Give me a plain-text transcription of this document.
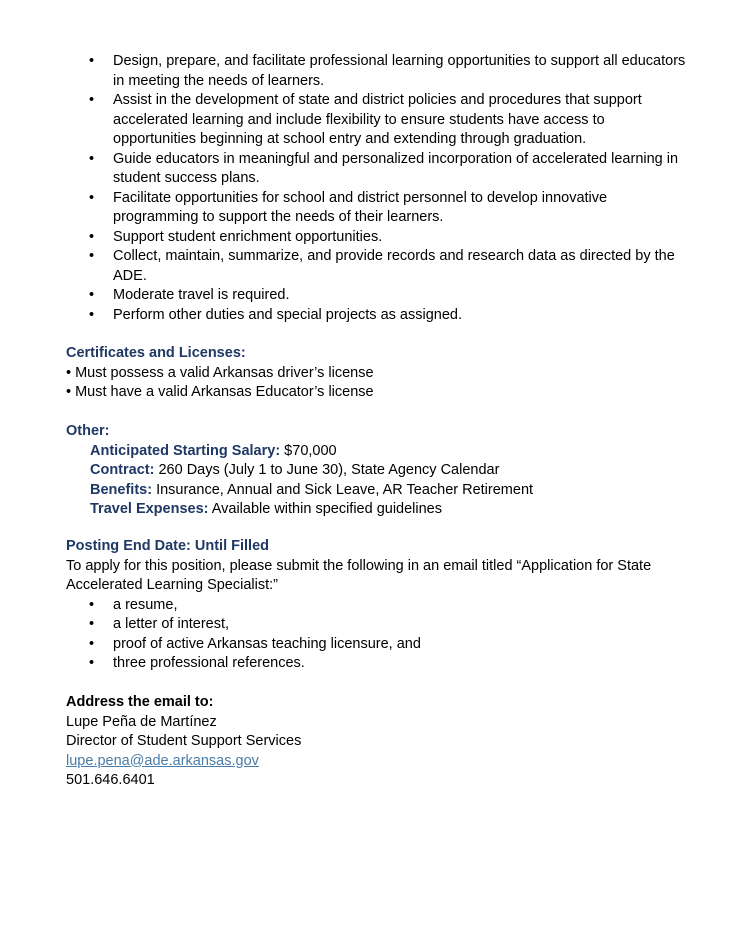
•	Design, prepare, and facilitate professional learning opportunities to support all educators in meeting the needs of learners.
•	Assist in the development of state and district policies and procedures that support accelerated learning and include flexibility to ensure students have access to opportunities beginning at school entry and extending through graduation.
•	Guide educators in meaningful and personalized incorporation of accelerated learning in student success plans.
•	Facilitate opportunities for school and district personnel to develop innovative programming to support the needs of their learners.
•	Support student enrichment opportunities.
•	Collect, maintain, summarize, and provide records and research data as directed by the ADE.
•	Moderate travel is required.
•	Perform other duties and special projects as assigned.
Certificates and Licenses:
• Must possess a valid Arkansas driver’s license
• Must have a valid Arkansas Educator’s license
Other:
Anticipated Starting Salary: $70,000
Contract: 260 Days (July 1 to June 30), State Agency Calendar
Benefits: Insurance, Annual and Sick Leave, AR Teacher Retirement
Travel Expenses: Available within specified guidelines
Posting End Date: Until Filled
To apply for this position, please submit the following in an email titled “Application for State Accelerated Learning Specialist:”
•	a resume,
•	a letter of interest,
•	proof of active Arkansas teaching licensure, and
•	three professional references.
Address the email to:
Lupe Peña de Martínez
Director of Student Support Services
lupe.pena@ade.arkansas.gov
501.646.6401
